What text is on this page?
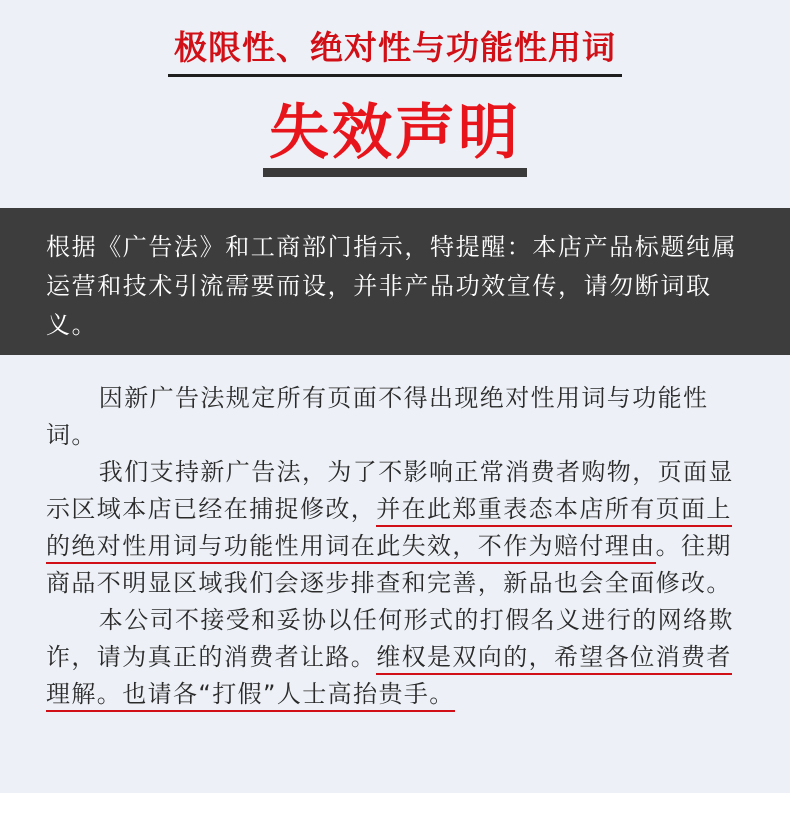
极限性、绝对性与功能性用词
失效声明

根据《广告法》和工商部门指示，特提醒：本店产品标题纯属运营和技术引流需要而设，并非产品功效宣传，请勿断词取义。

因新广告法规定所有页面不得出现绝对性用词与功能性词。

我们支持新广告法，为了不影响正常消费者购物，页面显示区域本店已经在捕捉修改，并在此郑重表态本店所有页面上的绝对性用词与功能性用词在此失效，不作为赔付理由。往期商品不明显区域我们会逐步排查和完善，新品也会全面修改。

本公司不接受和妥协以任何形式的打假名义进行的网络欺诈，请为真正的消费者让路。维权是双向的，希望各位消费者理解。也请各“打假”人士高抬贵手。
